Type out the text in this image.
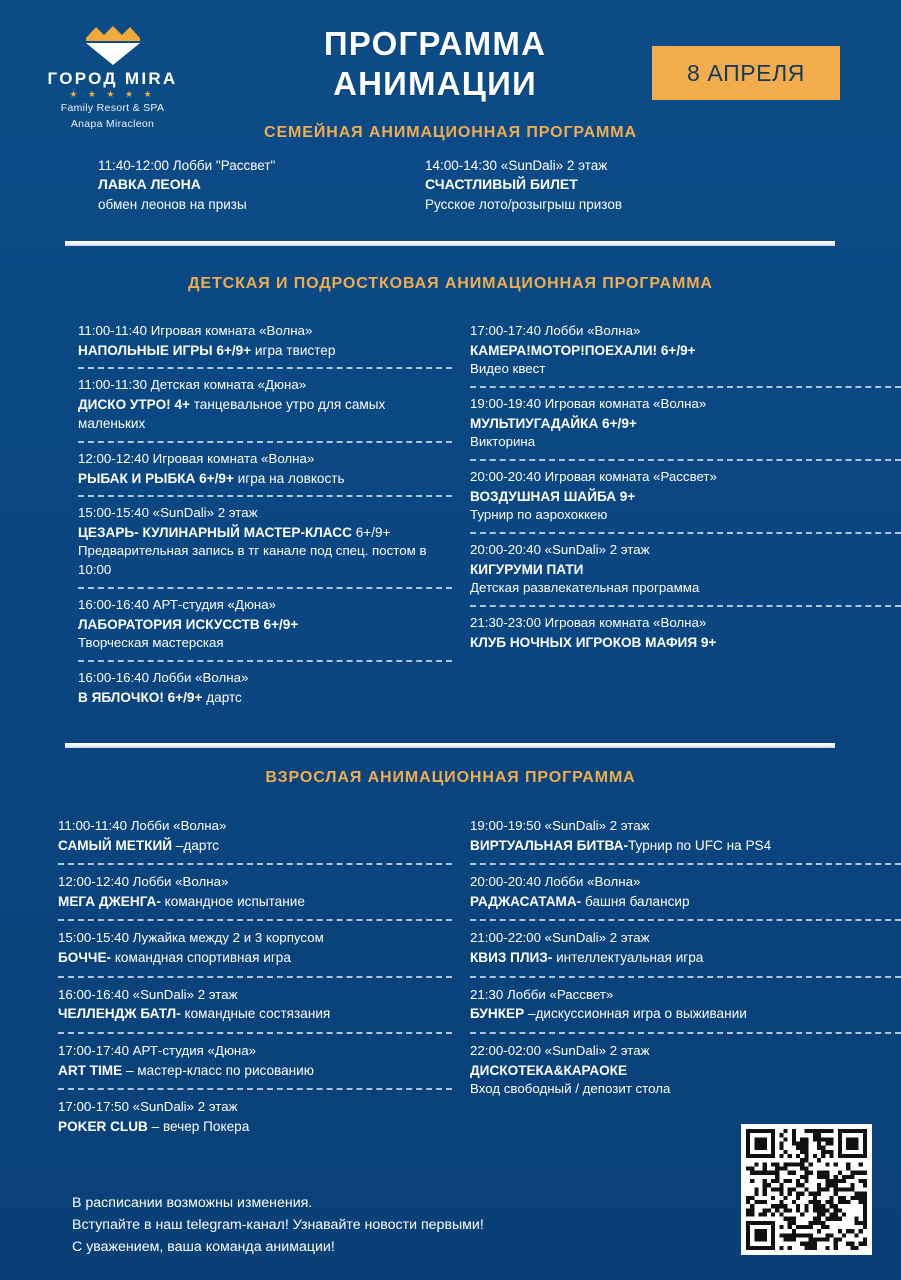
ГОРОД MIRA
★ ★ ★ ★ ★
Family Resort & SPA
Anapa Miracleon
ПРОГРАММА
АНИМАЦИИ	8 АПРЕЛЯ
СЕМЕЙНАЯ АНИМАЦИОННАЯ ПРОГРАММА
11:40-12:00 Лобби "Рассвет"
ЛАВКА ЛЕОНА
обмен леонов на призы
14:00-14:30 «SunDali» 2 этаж
СЧАСТЛИВЫЙ БИЛЕТ
Русское лото/розыгрыш призов
ДЕТСКАЯ И ПОДРОСТКОВАЯ АНИМАЦИОННАЯ ПРОГРАММА
11:00-11:40 Игровая комната «Волна»
НАПОЛЬНЫЕ ИГРЫ 6+/9+ игра твистер
11:00-11:30 Детская комната «Дюна»
ДИСКО УТРО! 4+ танцевальное утро для самых маленьких
12:00-12:40 Игровая комната «Волна»
РЫБАК И РЫБКА 6+/9+ игра на ловкость
15:00-15:40 «SunDali» 2 этаж
ЦЕЗАРЬ- КУЛИНАРНЫЙ МАСТЕР-КЛАСС 6+/9+
Предварительная запись в тг канале под спец. постом в 10:00
16:00-16:40 АРТ-студия «Дюна»
ЛАБОРАТОРИЯ ИСКУССТВ 6+/9+
Творческая мастерская
16:00-16:40 Лобби «Волна»
В ЯБЛОЧКО! 6+/9+ дартс
17:00-17:40 Лобби «Волна»
КАМЕРА!МОТОР!ПОЕХАЛИ! 6+/9+
Видео квест
19:00-19:40 Игровая комната «Волна»
МУЛЬТИУГАДАЙКА 6+/9+
Викторина
20:00-20:40 Игровая комната «Рассвет»
ВОЗДУШНАЯ ШАЙБА 9+
Турнир по аэрохоккею
20:00-20:40 «SunDali» 2 этаж
КИГУРУМИ ПАТИ
Детская развлекательная программа
21:30-23:00 Игровая комната «Волна»
КЛУБ НОЧНЫХ ИГРОКОВ МАФИЯ 9+
ВЗРОСЛАЯ АНИМАЦИОННАЯ ПРОГРАММА
11:00-11:40 Лобби «Волна»
САМЫЙ МЕТКИЙ –дартс
12:00-12:40 Лобби «Волна»
МЕГА ДЖЕНГА- командное испытание
15:00-15:40 Лужайка между 2 и 3 корпусом
БОЧЧЕ- командная спортивная игра
16:00-16:40 «SunDali» 2 этаж
ЧЕЛЛЕНДЖ БАТЛ- командные состязания
17:00-17:40 АРТ-студия «Дюна»
ART TIME – мастер-класс по рисованию
17:00-17:50 «SunDali» 2 этаж
POKER CLUB – вечер Покера
19:00-19:50 «SunDali» 2 этаж
ВИРТУАЛЬНАЯ БИТВА-Турнир по UFC на PS4
20:00-20:40 Лобби «Волна»
РАДЖАСАТАМА- башня балансир
21:00-22:00 «SunDali» 2 этаж
КВИЗ ПЛИЗ- интеллектуальная игра
21:30 Лобби «Рассвет»
БУНКЕР –дискуссионная игра о выживании
22:00-02:00 «SunDali» 2 этаж
ДИСКОТЕКА&КАРАОКЕ
Вход свободный / депозит стола
В расписании возможны изменения.
Вступайте в наш telegram-канал! Узнавайте новости первыми!
С уважением, ваша команда анимации!
